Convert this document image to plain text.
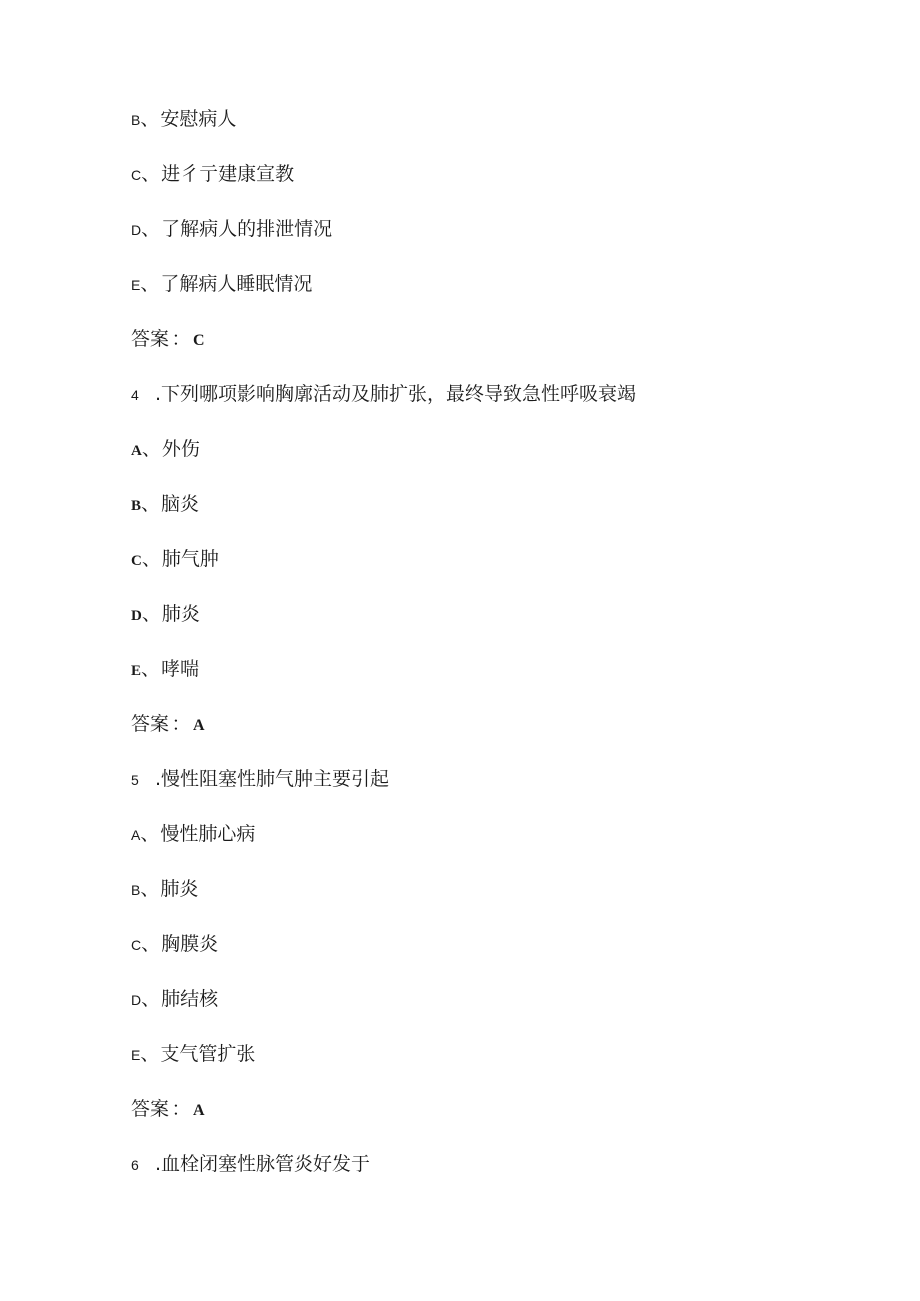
B、安慰病人
C、进彳亍建康宣教
D、了解病人的排泄情况
E、了解病人睡眠情况
答案 ： C
4 .下列哪项影响胸廓活动及肺扩张，最终导致急性呼吸衰竭
A、外伤
B、脑炎
C、肺气肿
D、肺炎
E、哮喘
答案 ： A
5 .慢性阻塞性肺气肿主要引起
A、慢性肺心病
B、肺炎
C、胸膜炎
D、肺结核
E、支气管扩张
答案 ： A
6 .血栓闭塞性脉管炎好发于
